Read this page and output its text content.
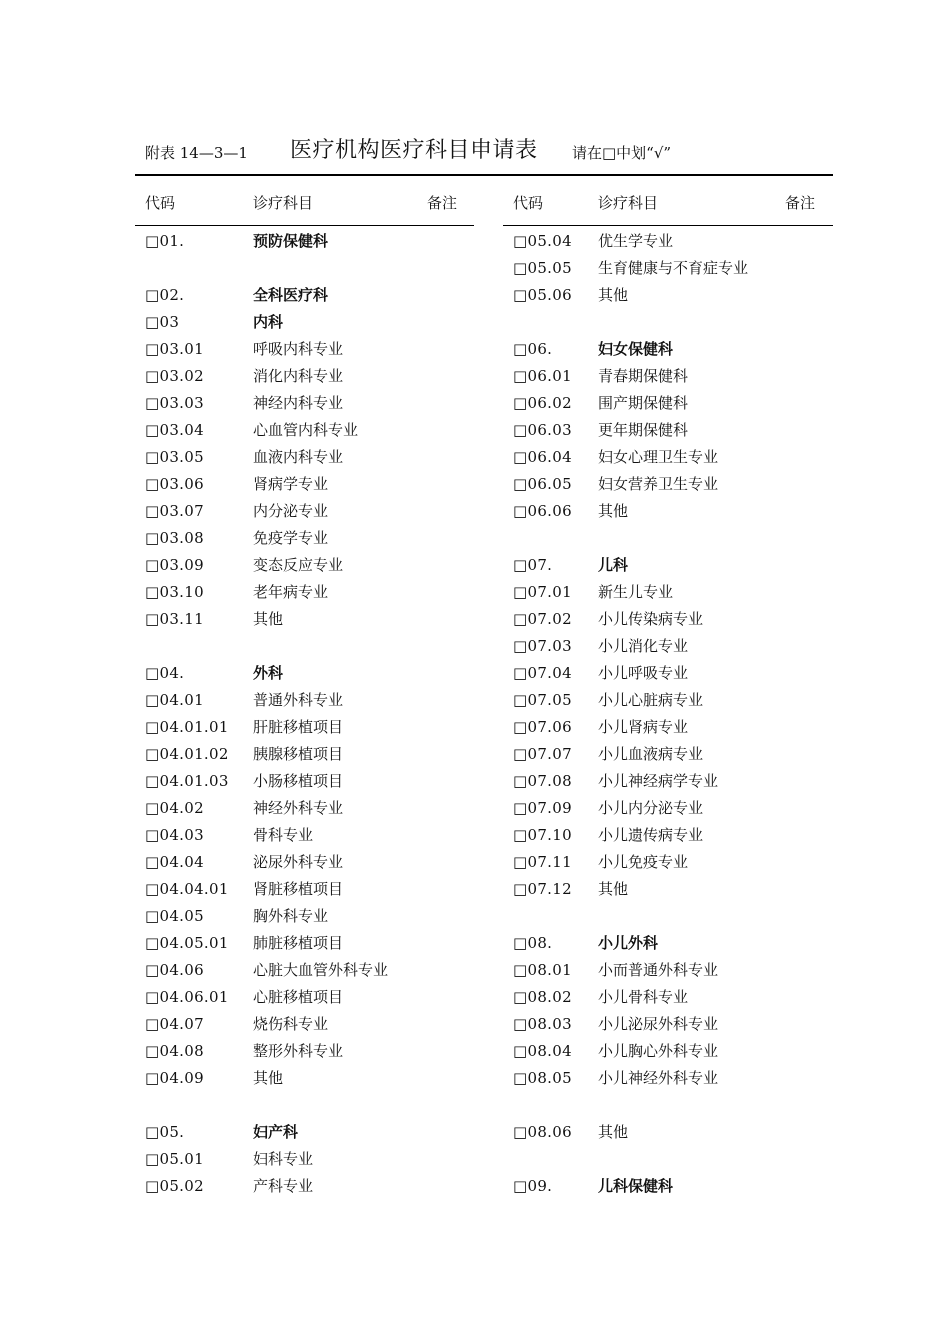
附表 14—3—1 医疗机构医疗科目申请表 请在□中划“√”
代码	诊疗科目	备注
□01.	预防保健科
□02.	全科医疗科
□03	内科
□03.01	呼吸内科专业
□03.02	消化内科专业
□03.03	神经内科专业
□03.04	心血管内科专业
□03.05	血液内科专业
□03.06	肾病学专业
□03.07	内分泌专业
□03.08	免疫学专业
□03.09	变态反应专业
□03.10	老年病专业
□03.11	其他
□04.	外科
□04.01	普通外科专业
□04.01.01 肝脏移植项目
□04.01.02 胰腺移植项目
□04.01.03 小肠移植项目
□04.02	神经外科专业
□04.03	骨科专业
□04.04	泌尿外科专业
□04.04.01 肾脏移植项目
□04.05	胸外科专业
□04.05.01 肺脏移植项目
□04.06	心脏大血管外科专业
□04.06.01 心脏移植项目
□04.07	烧伤科专业
□04.08	整形外科专业
□04.09	其他
□05.	妇产科
□05.01	妇科专业
□05.02	产科专业
代码	诊疗科目	备注
□05.04 优生学专业
□05.05 生育健康与不育症专业
□05.06 其他
□06.	妇女保健科
□06.01 青春期保健科
□06.02 围产期保健科
□06.03 更年期保健科
□06.04 妇女心理卫生专业
□06.05 妇女营养卫生专业
□06.06 其他
□07.	儿科
□07.01 新生儿专业
□07.02 小儿传染病专业
□07.03 小儿消化专业
□07.04 小儿呼吸专业
□07.05 小儿心脏病专业
□07.06 小儿肾病专业
□07.07 小儿血液病专业
□07.08 小儿神经病学专业
□07.09 小儿内分泌专业
□07.10 小儿遗传病专业
□07.11 小儿免疫专业
□07.12 其他
□08.	小儿外科
□08.01 小而普通外科专业
□08.02 小儿骨科专业
□08.03 小儿泌尿外科专业
□08.04 小儿胸心外科专业
□08.05 小儿神经外科专业
□08.06 其他
□09.	儿科保健科
